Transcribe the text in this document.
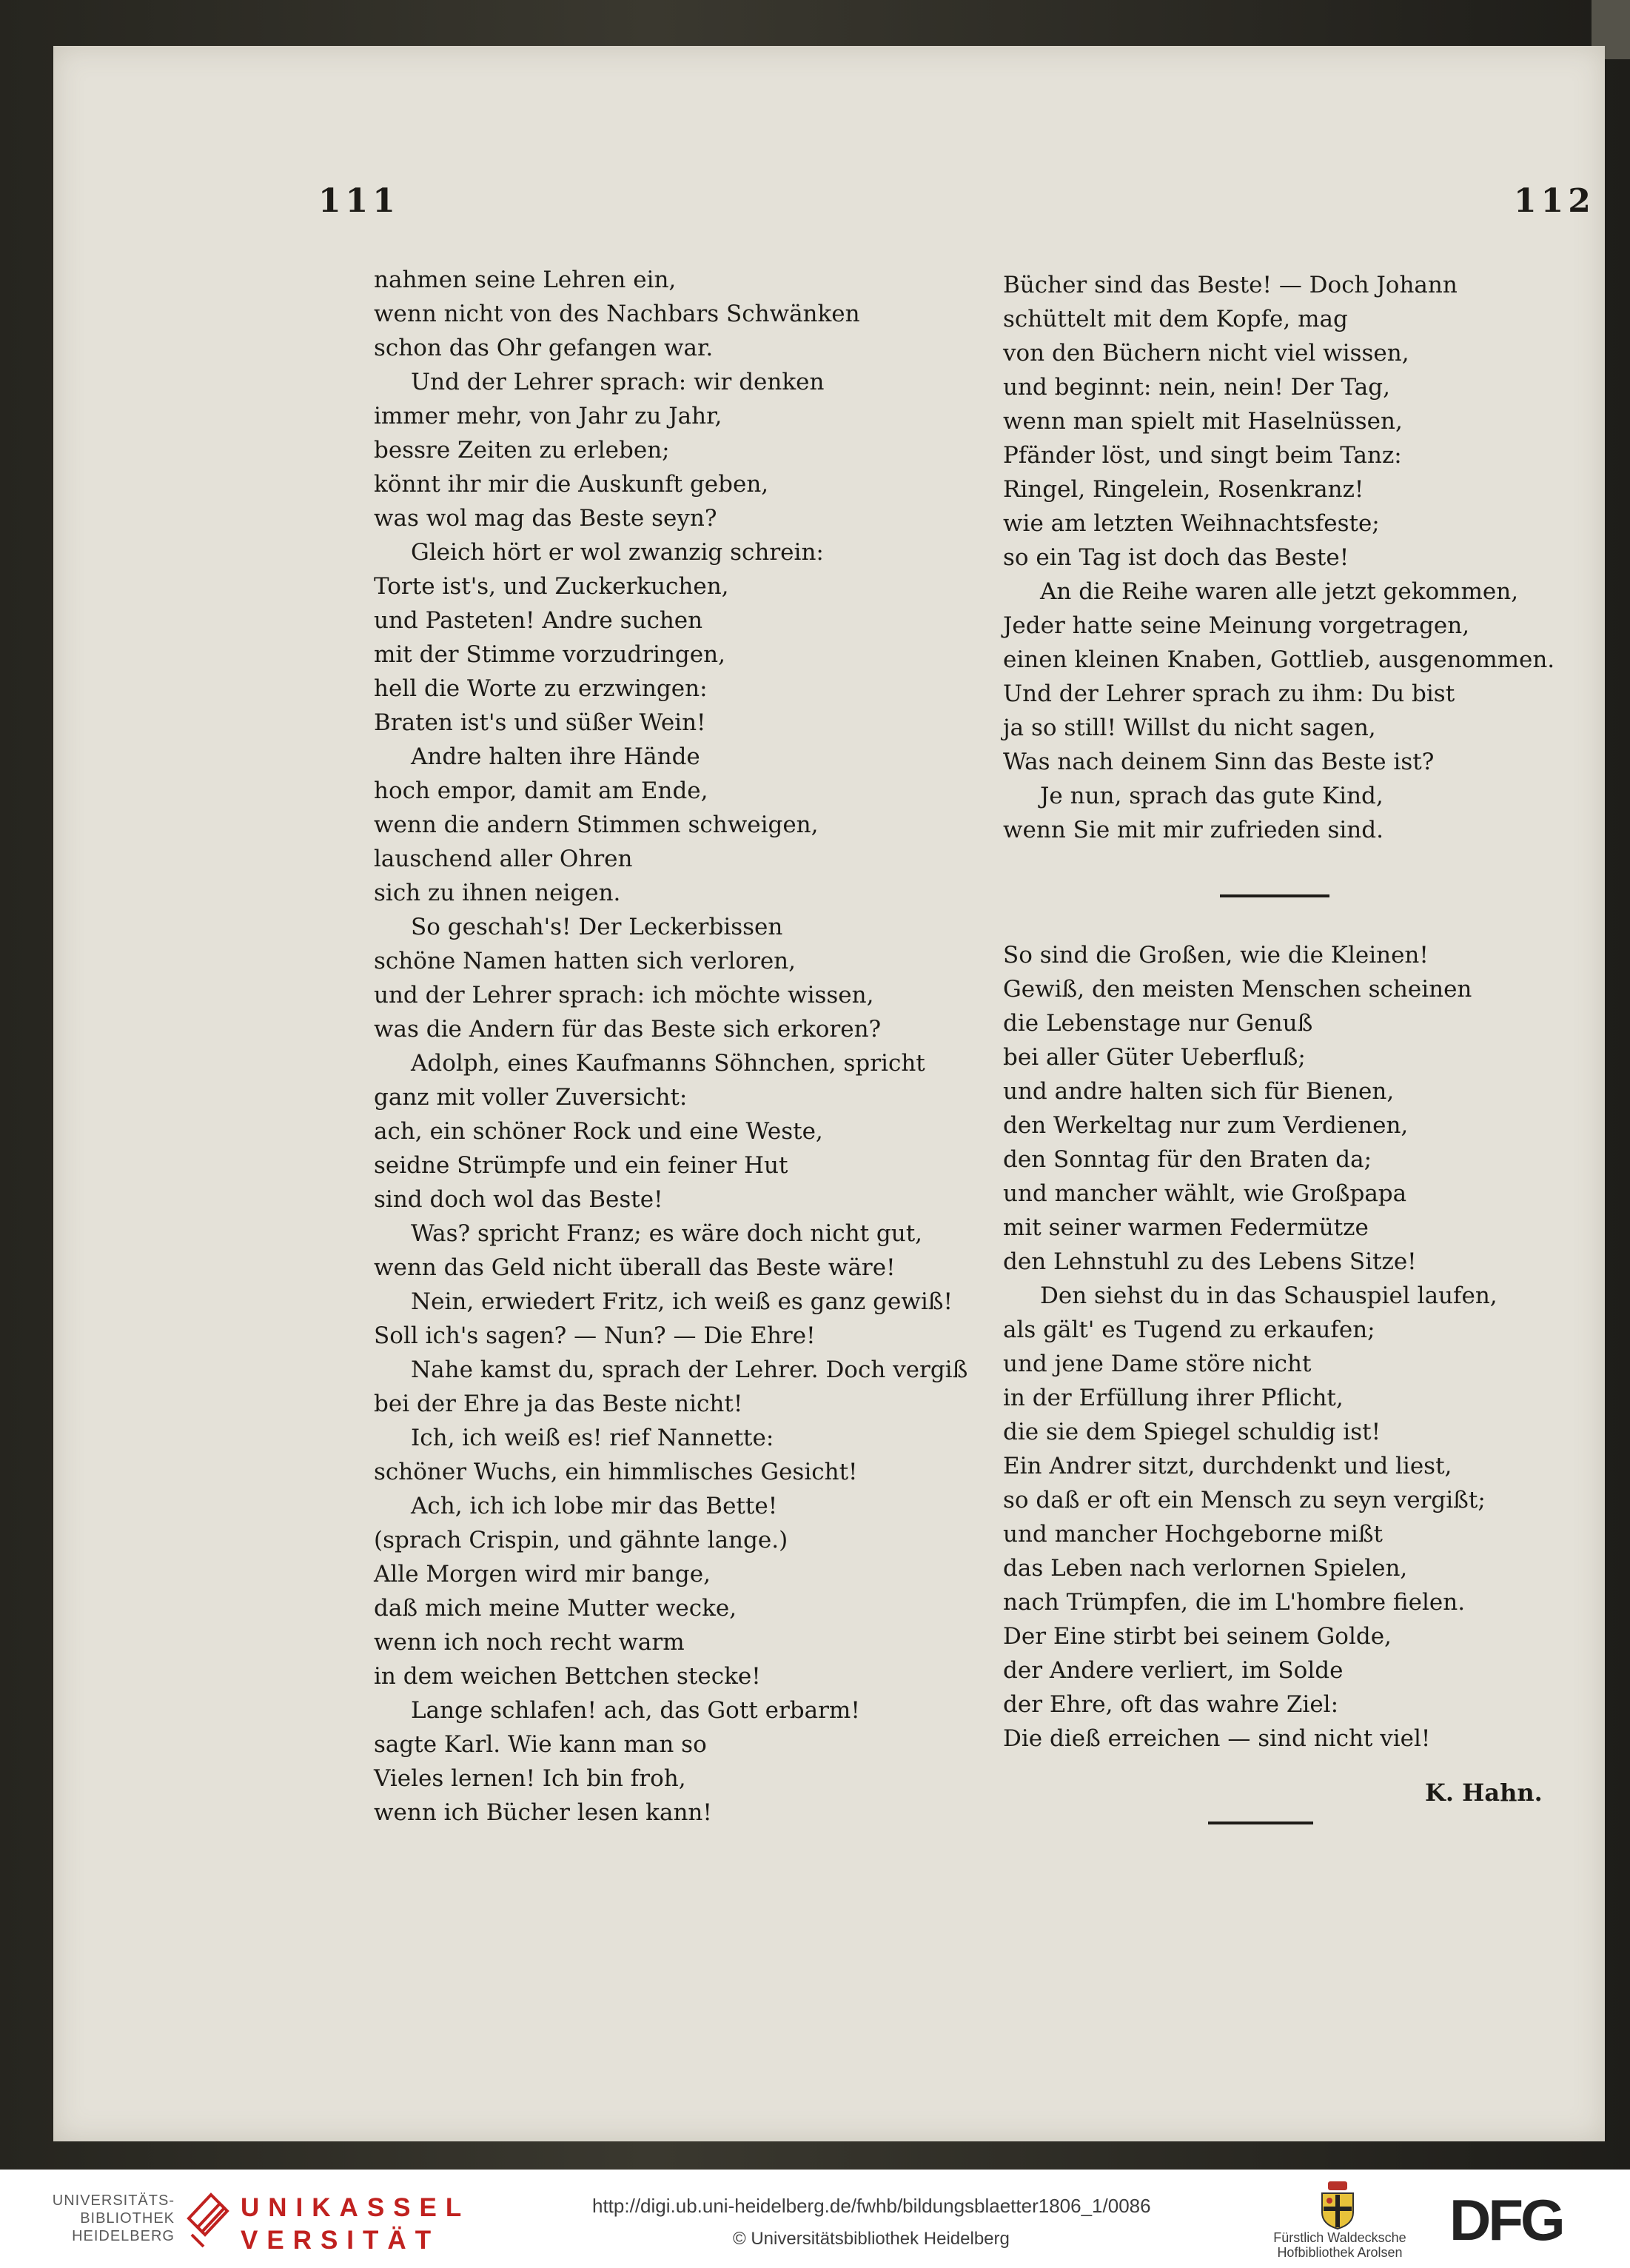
111	112
nahmen seine Lehren ein,
wenn nicht von des Nachbars Schwänken
schon das Ohr gefangen war.
Und der Lehrer sprach: wir denken
immer mehr, von Jahr zu Jahr,
bessre Zeiten zu erleben;
könnt ihr mir die Auskunft geben,
was wol mag das Beste seyn?
Gleich hört er wol zwanzig schrein:
Torte ist's, und Zuckerkuchen,
und Pasteten! Andre suchen
mit der Stimme vorzudringen,
hell die Worte zu erzwingen:
Braten ist's und süßer Wein!
Andre halten ihre Hände
hoch empor, damit am Ende,
wenn die andern Stimmen schweigen,
lauschend aller Ohren
sich zu ihnen neigen.
So geschah's! Der Leckerbissen
schöne Namen hatten sich verloren,
und der Lehrer sprach: ich möchte wissen,
was die Andern für das Beste sich erkoren?
Adolph, eines Kaufmanns Söhnchen, spricht
ganz mit voller Zuversicht:
ach, ein schöner Rock und eine Weste,
seidne Strümpfe und ein feiner Hut
sind doch wol das Beste!
Was? spricht Franz; es wäre doch nicht gut,
wenn das Geld nicht überall das Beste wäre!
Nein, erwiedert Fritz, ich weiß es ganz gewiß!
Soll ich's sagen? — Nun? — Die Ehre!
Nahe kamst du, sprach der Lehrer. Doch vergiß
bei der Ehre ja das Beste nicht!
Ich, ich weiß es! rief Nannette:
schöner Wuchs, ein himmlisches Gesicht!
Ach, ich ich lobe mir das Bette!
(sprach Crispin, und gähnte lange.)
Alle Morgen wird mir bange,
daß mich meine Mutter wecke,
wenn ich noch recht warm
in dem weichen Bettchen stecke!
Lange schlafen! ach, das Gott erbarm!
sagte Karl. Wie kann man so
Vieles lernen! Ich bin froh,
wenn ich Bücher lesen kann!
Bücher sind das Beste! — Doch Johann
schüttelt mit dem Kopfe, mag
von den Büchern nicht viel wissen,
und beginnt: nein, nein! Der Tag,
wenn man spielt mit Haselnüssen,
Pfänder löst, und singt beim Tanz:
Ringel, Ringelein, Rosenkranz!
wie am letzten Weihnachtsfeste;
so ein Tag ist doch das Beste!
An die Reihe waren alle jetzt gekommen,
Jeder hatte seine Meinung vorgetragen,
einen kleinen Knaben, Gottlieb, ausgenommen.
Und der Lehrer sprach zu ihm: Du bist
ja so still! Willst du nicht sagen,
Was nach deinem Sinn das Beste ist?
Je nun, sprach das gute Kind,
wenn Sie mit mir zufrieden sind.
So sind die Großen, wie die Kleinen!
Gewiß, den meisten Menschen scheinen
die Lebenstage nur Genuß
bei aller Güter Ueberfluß;
und andre halten sich für Bienen,
den Werkeltag nur zum Verdienen,
den Sonntag für den Braten da;
und mancher wählt, wie Großpapa
mit seiner warmen Federmütze
den Lehnstuhl zu des Lebens Sitze!
Den siehst du in das Schauspiel laufen,
als gält' es Tugend zu erkaufen;
und jene Dame störe nicht
in der Erfüllung ihrer Pflicht,
die sie dem Spiegel schuldig ist!
Ein Andrer sitzt, durchdenkt und liest,
so daß er oft ein Mensch zu seyn vergißt;
und mancher Hochgeborne mißt
das Leben nach verlornen Spielen,
nach Trümpfen, die im L'hombre fielen.
Der Eine stirbt bei seinem Golde,
der Andere verliert, im Solde
der Ehre, oft das wahre Ziel:
Die dieß erreichen — sind nicht viel!
K. Hahn.
UNIVERSITÄTS-
BIBLIOTHEK
HEIDELBERG
UNIKASSEL
VERSITÄT
http://digi.ub.uni-heidelberg.de/fwhb/bildungsblaetter1806_1/0086
© Universitätsbibliothek Heidelberg	Fürstlich Waldecksche
Hofbibliothek Arolsen DFG
